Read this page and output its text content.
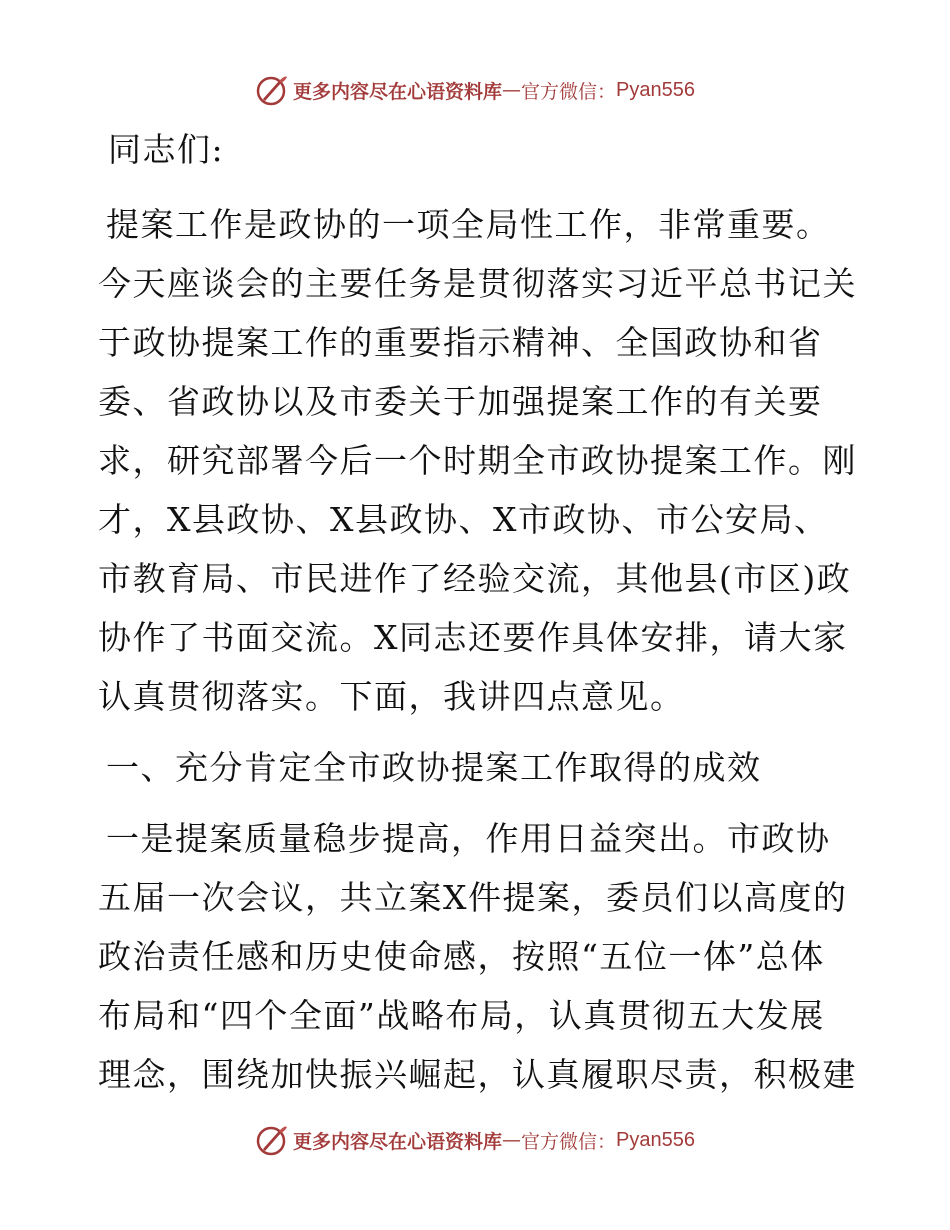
更多内容尽在心语资料库 — 官方微信： Pyan556

同志们:

提案工作是政协的一项全局性工作，非常重要。今天座谈会的主要任务是贯彻落实习近平总书记关于政协提案工作的重要指示精神、全国政协和省委、省政协以及市委关于加强提案工作的有关要求，研究部署今后一个时期全市政协提案工作。刚才，X县政协、X县政协、X市政协、市公安局、市教育局、市民进作了经验交流，其他县(市区)政协作了书面交流。X同志还要作具体安排，请大家认真贯彻落实。下面，我讲四点意见。

一、充分肯定全市政协提案工作取得的成效

一是提案质量稳步提高，作用日益突出。市政协五届一次会议，共立案X件提案，委员们以高度的政治责任感和历史使命感，按照“五位一体”总体布局和“四个全面”战略布局，认真贯彻五大发展理念，围绕加快振兴崛起，认真履职尽责，积极建

更多内容尽在心语资料库 — 官方微信： Pyan556
